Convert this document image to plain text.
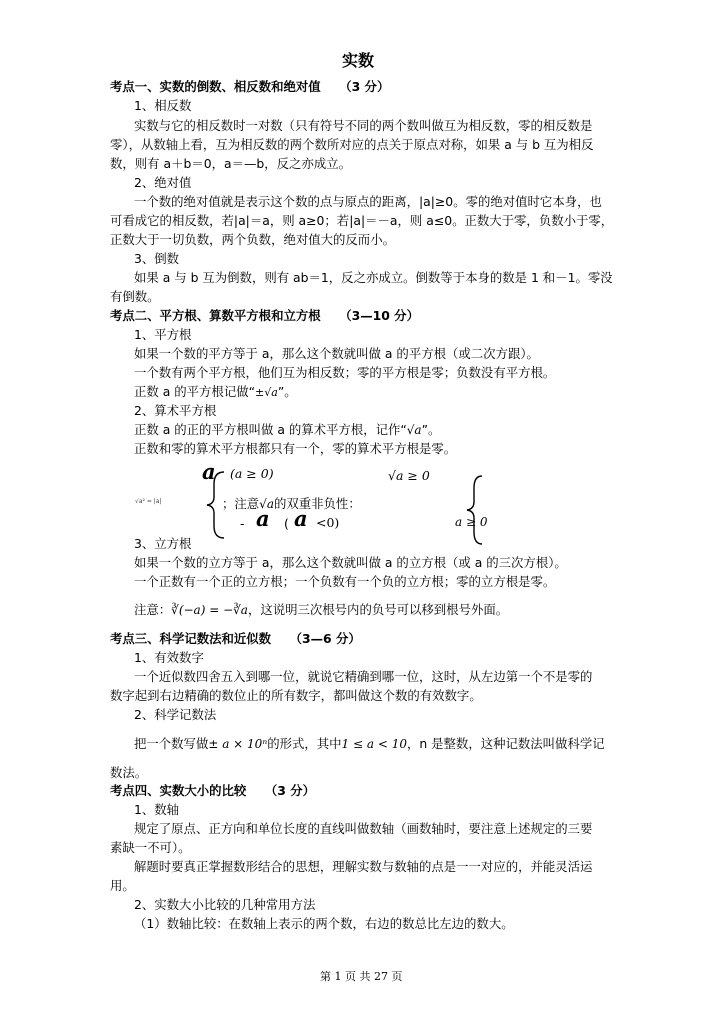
实数
考点一、实数的倒数、相反数和绝对值　　（3 分）
1、相反数
实数与它的相反数时一对数（只有符号不同的两个数叫做互为相反数，零的相反数是
零），从数轴上看，互为相反数的两个数所对应的点关于原点对称，如果 a 与 b 互为相反
数，则有 a＋b＝0，a＝—b，反之亦成立。
2、绝对值
一个数的绝对值就是表示这个数的点与原点的距离，|a|≥0。零的绝对值时它本身，也
可看成它的相反数，若|a|＝a，则 a≥0；若|a|＝－a，则 a≤0。正数大于零，负数小于零，
正数大于一切负数，两个负数，绝对值大的反而小。
3、倒数
如果 a 与 b 互为倒数，则有 ab＝1，反之亦成立。倒数等于本身的数是 1 和－1。零没
有倒数。
考点二、平方根、算数平方根和立方根　　（3—10 分）
1、平方根
如果一个数的平方等于 a，那么这个数就叫做 a 的平方根（或二次方跟）。
一个数有两个平方根，他们互为相反数；零的平方根是零；负数没有平方根。
正数 a 的平方根记做“±√a”。
2、算术平方根
正数 a 的正的平方根叫做 a 的算术平方根，记作“√a”。
正数和零的算术平方根都只有一个，零的算术平方根是零。
√a² = |a|
a (a ≥ 0)	√a ≥ 0
；注意√a的双重非负性：
- a ( a <0)	a ≥ 0
3、立方根
如果一个数的立方等于 a，那么这个数就叫做 a 的立方根（或 a 的三次方根）。
一个正数有一个正的立方根；一个负数有一个负的立方根；零的立方根是零。
注意：∛(−a) = −∛a，这说明三次根号内的负号可以移到根号外面。
考点三、科学记数法和近似数　　（3—6 分）
1、有效数字
一个近似数四舍五入到哪一位，就说它精确到哪一位，这时，从左边第一个不是零的
数字起到右边精确的数位止的所有数字，都叫做这个数的有效数字。
2、科学记数法
把一个数写做± a × 10ⁿ的形式，其中1 ≤ a < 10，n 是整数，这种记数法叫做科学记
数法。
考点四、实数大小的比较　　（3 分）
1、数轴
规定了原点、正方向和单位长度的直线叫做数轴（画数轴时，要注意上述规定的三要
素缺一不可）。
解题时要真正掌握数形结合的思想，理解实数与数轴的点是一一对应的，并能灵活运
用。
2、实数大小比较的几种常用方法
（1）数轴比较：在数轴上表示的两个数，右边的数总比左边的数大。
第 1 页 共 27 页
